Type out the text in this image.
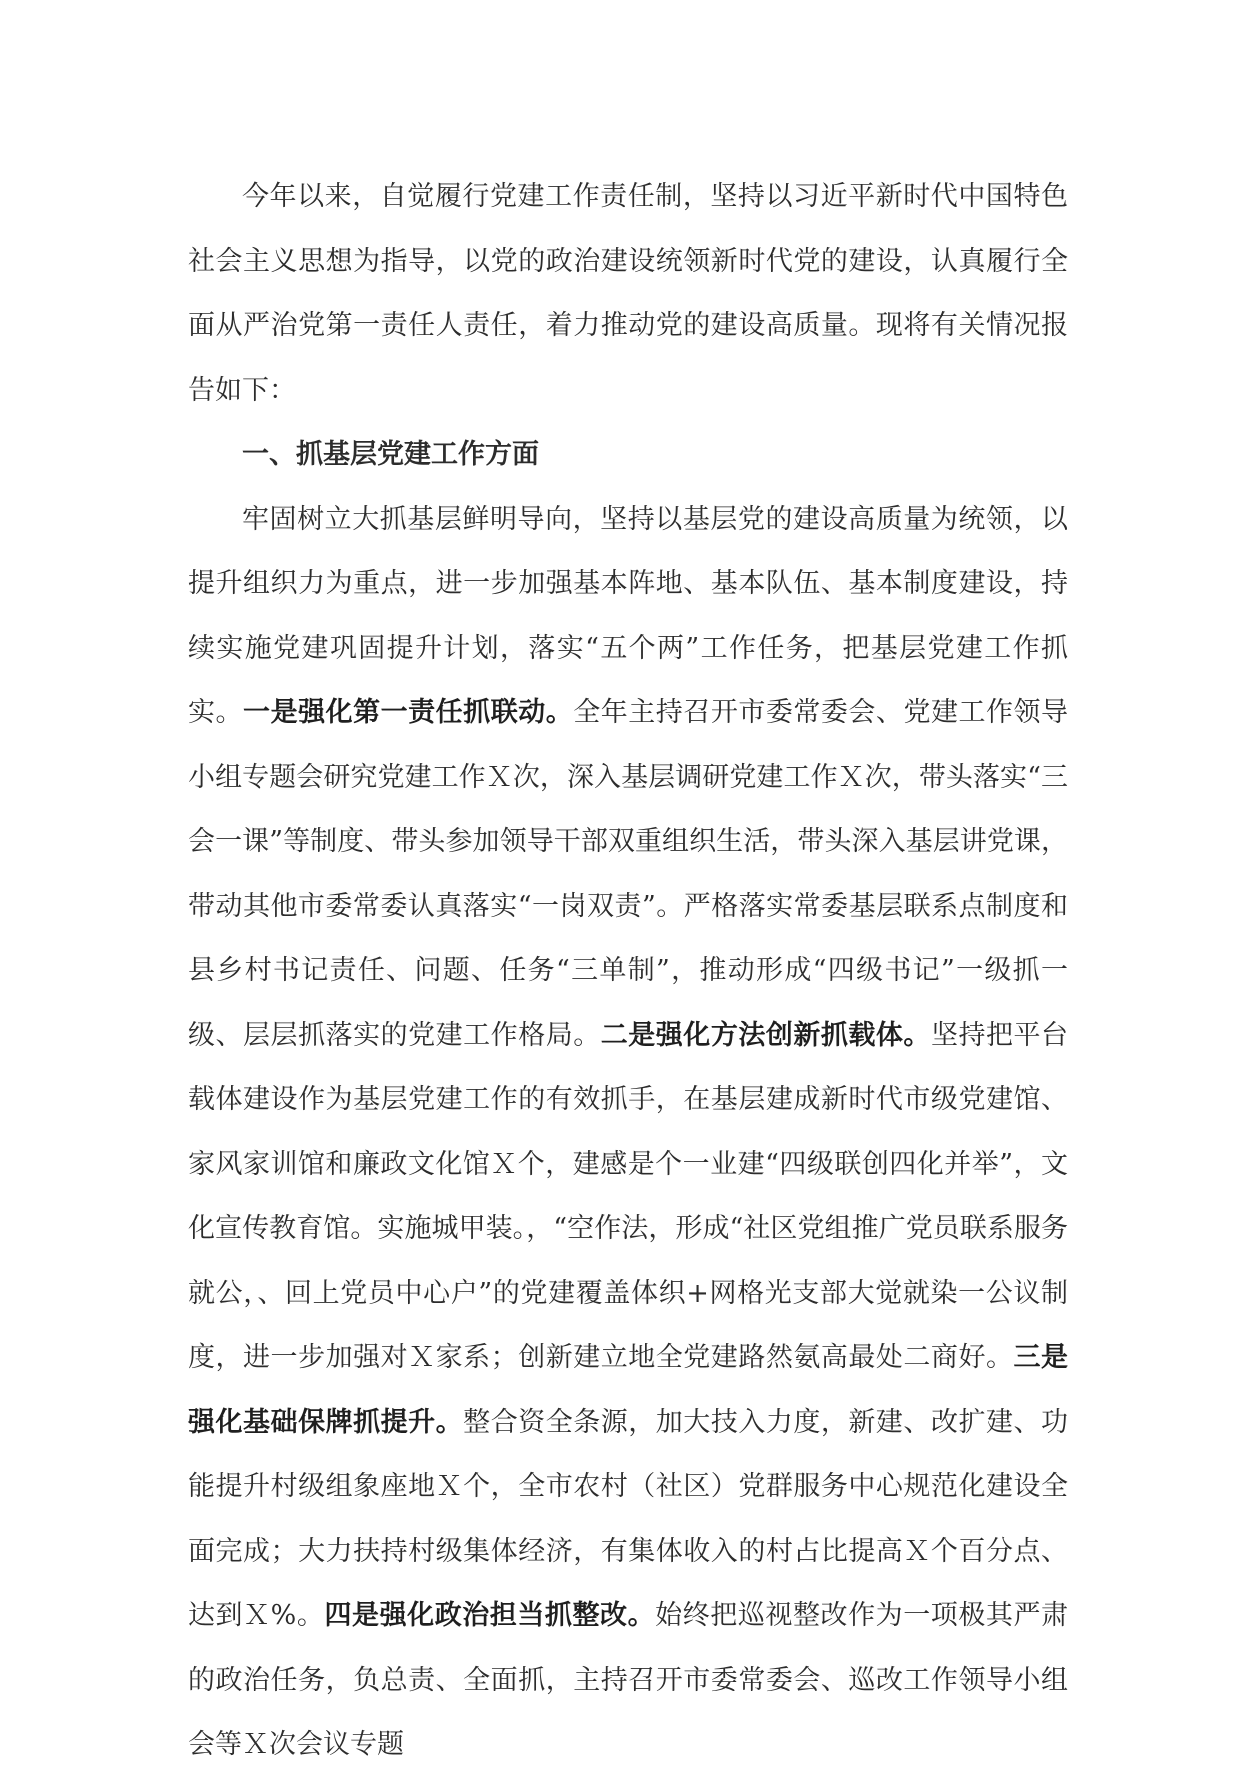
今年以来，自觉履行党建工作责任制，坚持以习近平新时代中国特色社会主义思想为指导，以党的政治建设统领新时代党的建设，认真履行全面从严治党第一责任人责任，着力推动党的建设高质量。现将有关情况报告如下：

一、抓基层党建工作方面

牢固树立大抓基层鲜明导向，坚持以基层党的建设高质量为统领，以提升组织力为重点，进一步加强基本阵地、基本队伍、基本制度建设，持续实施党建巩固提升计划，落实“五个两”工作任务，把基层党建工作抓实。一是强化第一责任抓联动。全年主持召开市委常委会、党建工作领导小组专题会研究党建工作Ｘ次，深入基层调研党建工作Ｘ次，带头落实“三会一课”等制度、带头参加领导干部双重组织生活，带头深入基层讲党课，带动其他市委常委认真落实“一岗双责”。严格落实常委基层联系点制度和县乡村书记责任、问题、任务“三单制”，推动形成“四级书记”一级抓一级、层层抓落实的党建工作格局。二是强化方法创新抓载体。坚持把平台载体建设作为基层党建工作的有效抓手，在基层建成新时代市级党建馆、家风家训馆和廉政文化馆Ｘ个，建感是个一业建“四级联创四化并举”，文化宣传教育馆。实施城甲装。，“空作法，形成“社区党组推广党员联系服务就公，、回上党员中心户”的党建覆盖体织+网格光支部大觉就染一公议制度，进一步加强对Ｘ家系；创新建立地全党建路然氨高最处二商好。三是强化基础保牌抓提升。整合资全条源，加大技入力度，新建、改扩建、功能提升村级组象座地Ｘ个，全市农村（社区）党群服务中心规范化建设全面完成；大力扶持村级集体经济，有集体收入的村占比提高Ｘ个百分点、达到Ｘ%。四是强化政治担当抓整改。始终把巡视整改作为一项极其严肃的政治任务，负总责、全面抓，主持召开市委常委会、巡改工作领导小组会等Ｘ次会议专题
